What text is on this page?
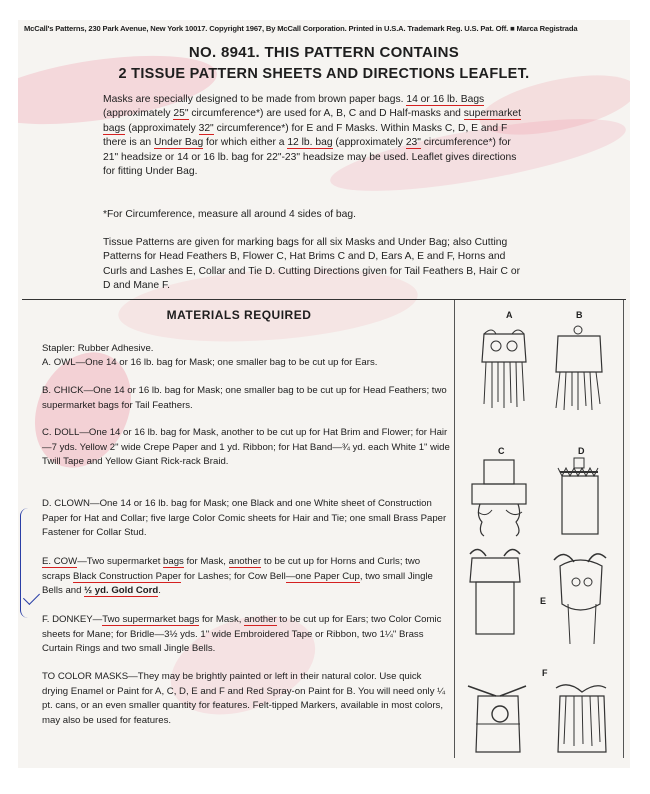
McCall's Patterns, 230 Park Avenue, New York 10017. Copyright 1967, By McCall Corporation. Printed in U.S.A. Trademark Reg. U.S. Pat. Off. ■ Marca Registrada
NO. 8941. THIS PATTERN CONTAINS
2 TISSUE PATTERN SHEETS AND DIRECTIONS LEAFLET.

Masks are specially designed to be made from brown paper bags. 14 or 16 lb. Bags (approximately 25" circumference*) are used for A, B, C and D Half-masks and supermarket bags (approximately 32" circumference*) for E and F Masks. Within Masks C, D, E and F there is an Under Bag for which either a 12 lb. bag (approximately 23" circumference*) for 21" headsize or 14 or 16 lb. bag for 22"-23" headsize may be used. Leaflet gives directions for fitting Under Bag.

*For Circumference, measure all around 4 sides of bag.

Tissue Patterns are given for marking bags for all six Masks and Under Bag; also Cutting Patterns for Head Feathers B, Flower C, Hat Brims C and D, Ears A, E and F, Horns and Curls and Lashes E, Collar and Tie D. Cutting Directions given for Tail Feathers B, Hair C or D and Mane F.

MATERIALS REQUIRED

Stapler: Rubber Adhesive.

A. OWL—One 14 or 16 lb. bag for Mask; one smaller bag to be cut up for Ears.

B. CHICK—One 14 or 16 lb. bag for Mask; one smaller bag to be cut up for Head Feathers; two supermarket bags for Tail Feathers.

C. DOLL—One 14 or 16 lb. bag for Mask, another to be cut up for Hat Brim and Flower; for Hair—7 yds. Yellow 2" wide Crepe Paper and 1 yd. Ribbon; for Hat Band—¾ yd. each White 1" wide Twill Tape and Yellow Giant Rick-rack Braid.

D. CLOWN—One 14 or 16 lb. bag for Mask; one Black and one White sheet of Construction Paper for Hat and Collar; five large Color Comic sheets for Hair and Tie; one small Brass Paper Fastener for Collar Stud.

E. COW—Two supermarket bags for Mask, another to be cut up for Horns and Curls; two scraps Black Construction Paper for Lashes; for Cow Bell—one Paper Cup, two small Jingle Bells and ½ yd. Gold Cord.

F. DONKEY—Two supermarket bags for Mask, another to be cut up for Ears; two Color Comic sheets for Mane; for Bridle—3½ yds. 1" wide Embroidered Tape or Ribbon, two 1¼" Brass Curtain Rings and two small Jingle Bells.

TO COLOR MASKS—They may be brightly painted or left in their natural color. Use quick drying Enamel or Paint for A, C, D, E and F and Red Spray-on Paint for B. You will need only ¼ pt. cans, or an even smaller quantity for features. Felt-tipped Markers, available in most colors, may also be used for features.

A	B
C	D
E
F
